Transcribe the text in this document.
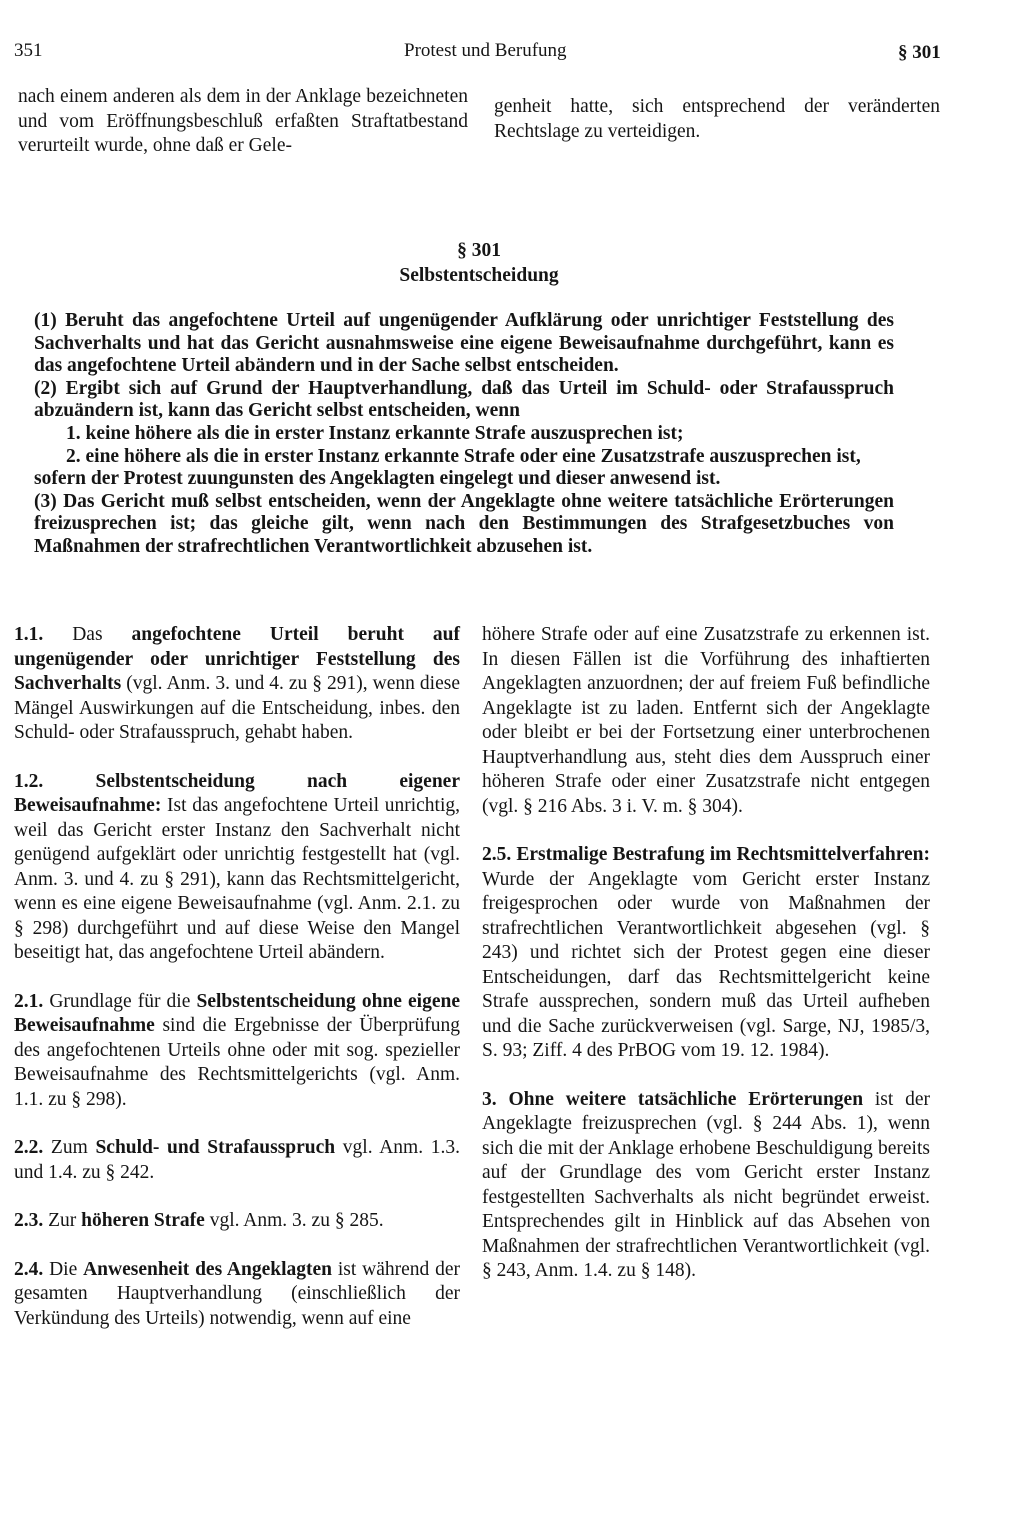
351	Protest und Berufung	§ 301
nach einem anderen als dem in der Anklage bezeichneten und vom Eröffnungsbeschluß erfaßten Straftatbestand verurteilt wurde, ohne daß er Gele-
genheit hatte, sich entsprechend der veränderten Rechtslage zu verteidigen.
§ 301
Selbstentscheidung

(1) Beruht das angefochtene Urteil auf ungenügender Aufklärung oder unrichtiger Feststellung des Sachverhalts und hat das Gericht ausnahmsweise eine eigene Beweisaufnahme durchgeführt, kann es das angefochtene Urteil abändern und in der Sache selbst entscheiden.

(2) Ergibt sich auf Grund der Hauptverhandlung, daß das Urteil im Schuld- oder Strafausspruch abzuändern ist, kann das Gericht selbst entscheiden, wenn

1. keine höhere als die in erster Instanz erkannte Strafe auszusprechen ist;

2. eine höhere als die in erster Instanz erkannte Strafe oder eine Zusatzstrafe auszusprechen ist,

sofern der Protest zuungunsten des Angeklagten eingelegt und dieser anwesend ist.

(3) Das Gericht muß selbst entscheiden, wenn der Angeklagte ohne weitere tatsächliche Erörterungen freizusprechen ist; das gleiche gilt, wenn nach den Bestimmungen des Strafgesetzbuches von Maßnahmen der strafrechtlichen Verantwortlichkeit abzusehen ist.

1.1. Das angefochtene Urteil beruht auf ungenügender oder unrichtiger Feststellung des Sachverhalts (vgl. Anm. 3. und 4. zu § 291), wenn diese Mängel Auswirkungen auf die Entscheidung, inbes. den Schuld- oder Strafausspruch, gehabt haben.

1.2. Selbstentscheidung nach eigener Beweisaufnahme: Ist das angefochtene Urteil unrichtig, weil das Gericht erster Instanz den Sachverhalt nicht genügend aufgeklärt oder unrichtig festgestellt hat (vgl. Anm. 3. und 4. zu § 291), kann das Rechtsmittelgericht, wenn es eine eigene Beweisaufnahme (vgl. Anm. 2.1. zu § 298) durchgeführt und auf diese Weise den Mangel beseitigt hat, das angefochtene Urteil abändern.

2.1. Grundlage für die Selbstentscheidung ohne eigene Beweisaufnahme sind die Ergebnisse der Überprüfung des angefochtenen Urteils ohne oder mit sog. spezieller Beweisaufnahme des Rechtsmittelgerichts (vgl. Anm. 1.1. zu § 298).

2.2. Zum Schuld- und Strafausspruch vgl. Anm. 1.3. und 1.4. zu § 242.

2.3. Zur höheren Strafe vgl. Anm. 3. zu § 285.

2.4. Die Anwesenheit des Angeklagten ist während der gesamten Hauptverhandlung (einschließlich der Verkündung des Urteils) notwendig, wenn auf eine

höhere Strafe oder auf eine Zusatzstrafe zu erkennen ist. In diesen Fällen ist die Vorführung des inhaftierten Angeklagten anzuordnen; der auf freiem Fuß befindliche Angeklagte ist zu laden. Entfernt sich der Angeklagte oder bleibt er bei der Fortsetzung einer unterbrochenen Hauptverhandlung aus, steht dies dem Ausspruch einer höheren Strafe oder einer Zusatzstrafe nicht entgegen (vgl. § 216 Abs. 3 i. V. m. § 304).

2.5. Erstmalige Bestrafung im Rechtsmittelverfahren: Wurde der Angeklagte vom Gericht erster Instanz freigesprochen oder wurde von Maßnahmen der strafrechtlichen Verantwortlichkeit abgesehen (vgl. § 243) und richtet sich der Protest gegen eine dieser Entscheidungen, darf das Rechtsmittelgericht keine Strafe aussprechen, sondern muß das Urteil aufheben und die Sache zurückverweisen (vgl. Sarge, NJ, 1985/3, S. 93; Ziff. 4 des PrBOG vom 19. 12. 1984).

3. Ohne weitere tatsächliche Erörterungen ist der Angeklagte freizusprechen (vgl. § 244 Abs. 1), wenn sich die mit der Anklage erhobene Beschuldigung bereits auf der Grundlage des vom Gericht erster Instanz festgestellten Sachverhalts als nicht begründet erweist. Entsprechendes gilt in Hinblick auf das Absehen von Maßnahmen der strafrechtlichen Verantwortlichkeit (vgl. § 243, Anm. 1.4. zu § 148).
